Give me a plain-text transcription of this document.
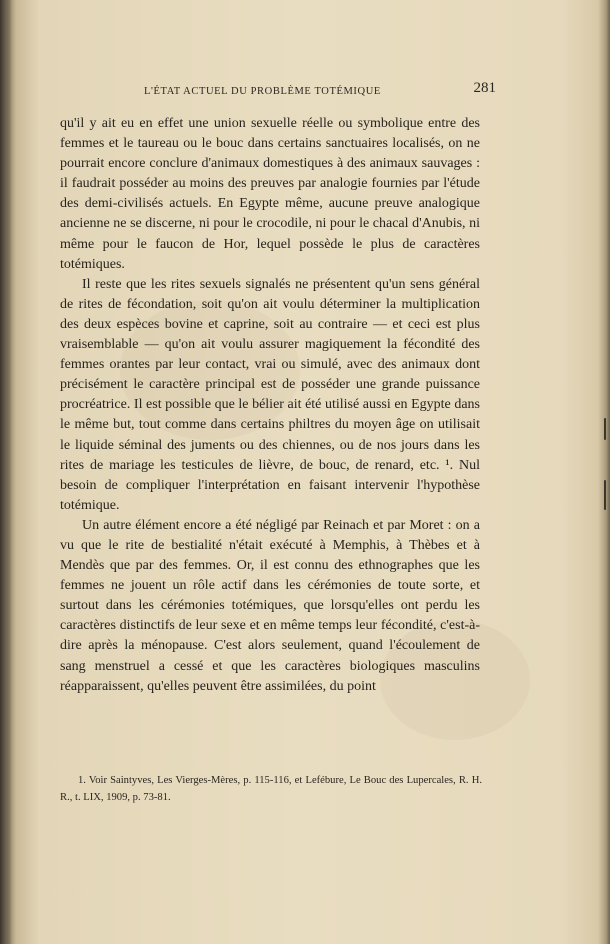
L'ÉTAT ACTUEL DU PROBLÈME TOTÉMIQUE	281

qu'il y ait eu en effet une union sexuelle réelle ou symbolique entre des femmes et le taureau ou le bouc dans certains sanctuaires localisés, on ne pourrait encore conclure d'animaux domestiques à des animaux sauvages : il faudrait posséder au moins des preuves par analogie fournies par l'étude des demi-civilisés actuels. En Egypte même, aucune preuve analogique ancienne ne se discerne, ni pour le crocodile, ni pour le chacal d'Anubis, ni même pour le faucon de Hor, lequel possède le plus de caractères totémiques.

Il reste que les rites sexuels signalés ne présentent qu'un sens général de rites de fécondation, soit qu'on ait voulu déterminer la multiplication des deux espèces bovine et caprine, soit au contraire — et ceci est plus vraisemblable — qu'on ait voulu assurer magiquement la fécondité des femmes orantes par leur contact, vrai ou simulé, avec des animaux dont précisément le caractère principal est de posséder une grande puissance procréatrice. Il est possible que le bélier ait été utilisé aussi en Egypte dans le même but, tout comme dans certains philtres du moyen âge on utilisait le liquide séminal des juments ou des chiennes, ou de nos jours dans les rites de mariage les testicules de lièvre, de bouc, de renard, etc. ¹. Nul besoin de compliquer l'interprétation en faisant intervenir l'hypothèse totémique.

Un autre élément encore a été négligé par Reinach et par Moret : on a vu que le rite de bestialité n'était exécuté à Memphis, à Thèbes et à Mendès que par des femmes. Or, il est connu des ethnographes que les femmes ne jouent un rôle actif dans les cérémonies de toute sorte, et surtout dans les cérémonies totémiques, que lorsqu'elles ont perdu les caractères distinctifs de leur sexe et en même temps leur fécondité, c'est-à-dire après la ménopause. C'est alors seulement, quand l'écoulement de sang menstruel a cessé et que les caractères biologiques masculins réapparaissent, qu'elles peuvent être assimilées, du point

1. Voir Saintyves, Les Vierges-Mères, p. 115-116, et Lefébure, Le Bouc des Lupercales, R. H. R., t. LIX, 1909, p. 73-81.
